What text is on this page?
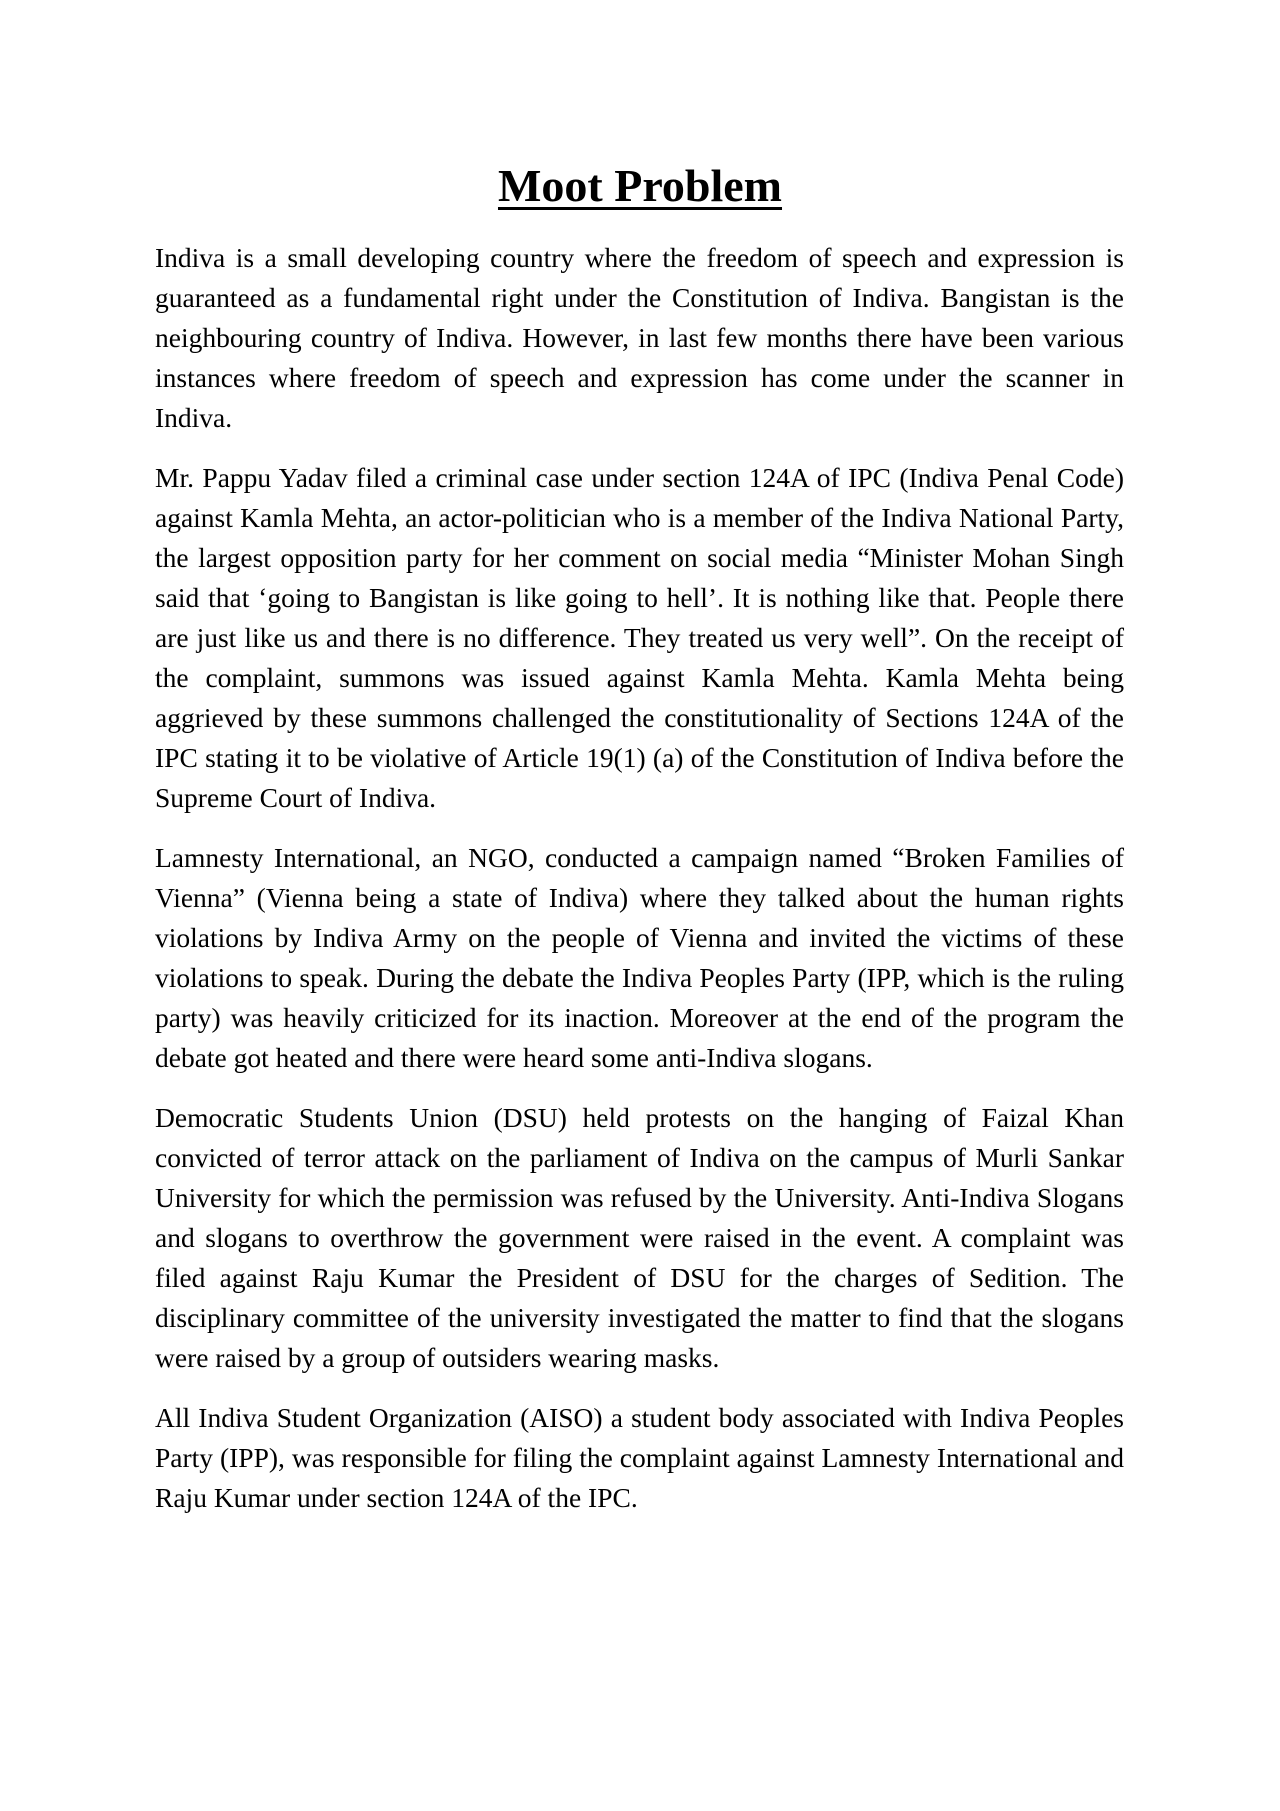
Moot Problem

Indiva is a small developing country where the freedom of speech and expression is guaranteed as a fundamental right under the Constitution of Indiva. Bangistan is the neighbouring country of Indiva. However, in last few months there have been various instances where freedom of speech and expression has come under the scanner in Indiva.

Mr. Pappu Yadav filed a criminal case under section 124A of IPC (Indiva Penal Code) against Kamla Mehta, an actor-politician who is a member of the Indiva National Party, the largest opposition party for her comment on social media “Minister Mohan Singh said that ‘going to Bangistan is like going to hell’. It is nothing like that. People there are just like us and there is no difference. They treated us very well”. On the receipt of the complaint, summons was issued against Kamla Mehta. Kamla Mehta being aggrieved by these summons challenged the constitutionality of Sections 124A of the IPC stating it to be violative of Article 19(1) (a) of the Constitution of Indiva before the Supreme Court of Indiva.

Lamnesty International, an NGO, conducted a campaign named “Broken Families of Vienna” (Vienna being a state of Indiva) where they talked about the human rights violations by Indiva Army on the people of Vienna and invited the victims of these violations to speak. During the debate the Indiva Peoples Party (IPP, which is the ruling party) was heavily criticized for its inaction. Moreover at the end of the program the debate got heated and there were heard some anti-Indiva slogans.

Democratic Students Union (DSU) held protests on the hanging of Faizal Khan convicted of terror attack on the parliament of Indiva on the campus of Murli Sankar University for which the permission was refused by the University. Anti-Indiva Slogans and slogans to overthrow the government were raised in the event. A complaint was filed against Raju Kumar the President of DSU for the charges of Sedition. The disciplinary committee of the university investigated the matter to find that the slogans were raised by a group of outsiders wearing masks.

All Indiva Student Organization (AISO) a student body associated with Indiva Peoples Party (IPP), was responsible for filing the complaint against Lamnesty International and Raju Kumar under section 124A of the IPC.
